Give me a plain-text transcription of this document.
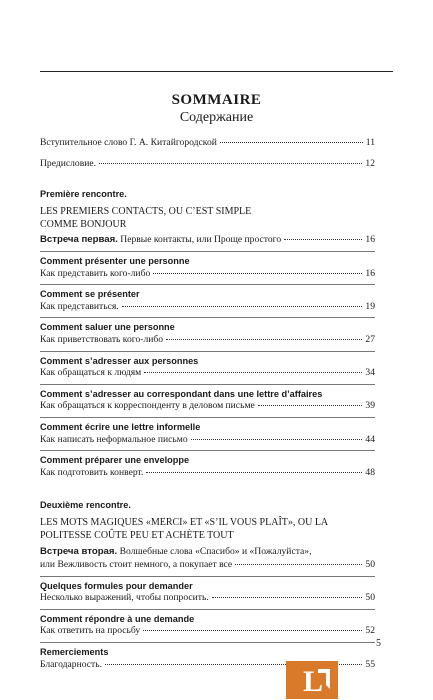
SOMMAIRE
Содержание
Вступительное слово Г. А. Китайгородской	11
Предисловие.	12
Première rencontre.
LES PREMIERS CONTACTS, OU C’EST SIMPLE
COMME BONJOUR
Встреча первая. Первые контакты, или Проще простого	16
Comment présenter une personne
Как представить кого-либо	16
Comment se présenter
Как представиться.	19
Comment saluer une personne
Как приветствовать кого-либо	27
Comment s’adresser aux personnes
Как обращаться к людям	34
Comment s’adresser au correspondant dans une lettre d’affaires
Как обращаться к корреспонденту в деловом письме	39
Comment écrire une lettre informelle
Как написать неформальное письмо	44
Comment préparer une enveloppe
Как подготовить конверт.	48
Deuxième rencontre.
LES MOTS MAGIQUES «MERCI» ET «S’IL VOUS PLAÎT», OU LA
POLITESSE COÛTE PEU ET ACHÈTE TOUT
Встреча вторая. Волшебные слова «Спасибо» и «Пожалуйста»,
или Вежливость стоит немного, а покупает все	50
Quelques formules pour demander
Несколько выражений, чтобы попросить.	50
Comment répondre à une demande
Как ответить на просьбу	52
Remerciements
Благодарность.	55
5
L
